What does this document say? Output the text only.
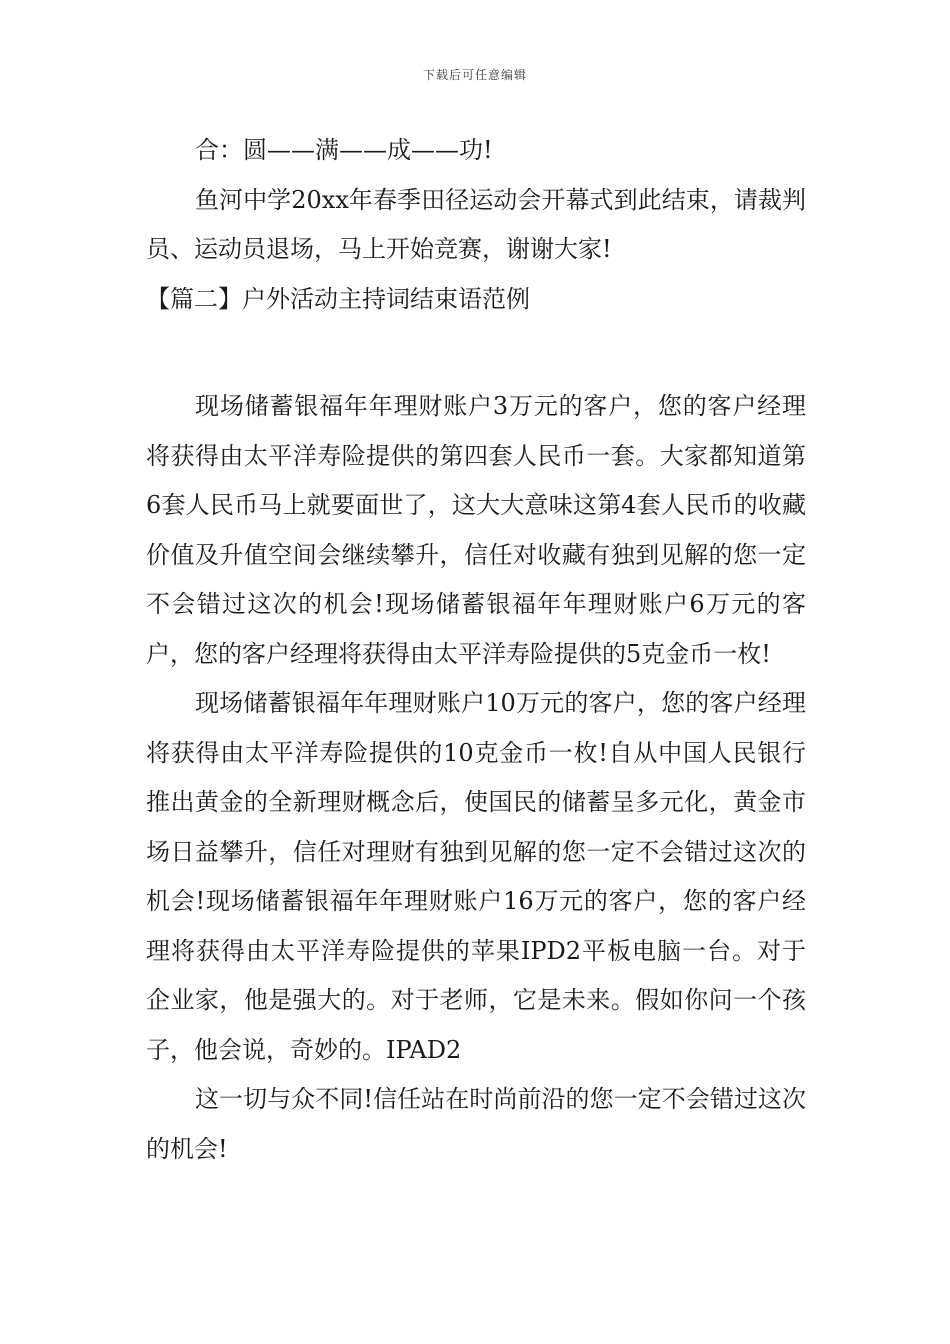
下载后可任意编辑

合：圆——满——成——功!

鱼河中学20xx年春季田径运动会开幕式到此结束，请裁判员、运动员退场，马上开始竞赛，谢谢大家!

【篇二】户外活动主持词结束语范例

现场储蓄银福年年理财账户3万元的客户，您的客户经理将获得由太平洋寿险提供的第四套人民币一套。大家都知道第6套人民币马上就要面世了，这大大意味这第4套人民币的收藏价值及升值空间会继续攀升，信任对收藏有独到见解的您一定不会错过这次的机会!现场储蓄银福年年理财账户6万元的客户，您的客户经理将获得由太平洋寿险提供的5克金币一枚!

现场储蓄银福年年理财账户10万元的客户，您的客户经理将获得由太平洋寿险提供的10克金币一枚!自从中国人民银行推出黄金的全新理财概念后，使国民的储蓄呈多元化，黄金市场日益攀升，信任对理财有独到见解的您一定不会错过这次的机会!现场储蓄银福年年理财账户16万元的客户，您的客户经理将获得由太平洋寿险提供的苹果IPD2平板电脑一台。对于企业家，他是强大的。对于老师，它是未来。假如你问一个孩子，他会说，奇妙的。IPAD2

这一切与众不同!信任站在时尚前沿的您一定不会错过这次的机会!
